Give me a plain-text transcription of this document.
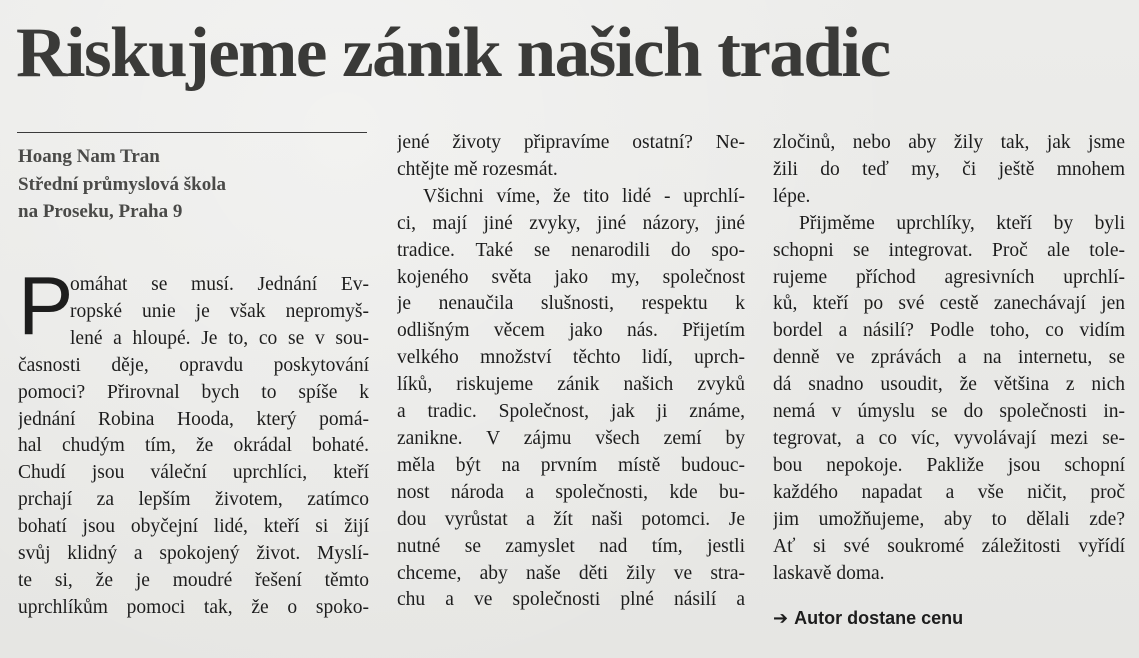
Riskujeme zánik našich tradic
Hoang Nam Tran
Střední průmyslová škola
na Proseku, Praha 9
P
omáhat se musí. Jednání Ev-
ropské unie je však nepromyš-
lené a hloupé. Je to, co se v sou-
časnosti děje, opravdu poskytování
pomoci? Přirovnal bych to spíše k
jednání Robina Hooda, který pomá-
hal chudým tím, že okrádal bohaté.
Chudí jsou váleční uprchlíci, kteří
prchají za lepším životem, zatímco
bohatí jsou obyčejní lidé, kteří si žijí
svůj klidný a spokojený život. Myslí-
te si, že je moudré řešení těmto
uprchlíkům pomoci tak, že o spoko-
jené životy připravíme ostatní? Ne-
chtějte mě rozesmát.
Všichni víme, že tito lidé - uprchlí-
ci, mají jiné zvyky, jiné názory, jiné
tradice. Také se nenarodili do spo-
kojeného světa jako my, společnost
je nenaučila slušnosti, respektu k
odlišným věcem jako nás. Přijetím
velkého množství těchto lidí, uprch-
líků, riskujeme zánik našich zvyků
a tradic. Společnost, jak ji známe,
zanikne. V zájmu všech zemí by
měla být na prvním místě budouc-
nost národa a společnosti, kde bu-
dou vyrůstat a žít naši potomci. Je
nutné se zamyslet nad tím, jestli
chceme, aby naše děti žily ve stra-
chu a ve společnosti plné násilí a
zločinů, nebo aby žily tak, jak jsme
žili do teď my, či ještě mnohem
lépe.
Přijměme uprchlíky, kteří by byli
schopni se integrovat. Proč ale tole-
rujeme příchod agresivních uprchlí-
ků, kteří po své cestě zanechávají jen
bordel a násilí? Podle toho, co vidím
denně ve zprávách a na internetu, se
dá snadno usoudit, že většina z nich
nemá v úmyslu se do společnosti in-
tegrovat, a co víc, vyvolávají mezi se-
bou nepokoje. Pakliže jsou schopní
každého napadat a vše ničit, proč
jim umožňujeme, aby to dělali zde?
Ať si své soukromé záležitosti vyřídí
laskavě doma.
➔ Autor dostane cenu
